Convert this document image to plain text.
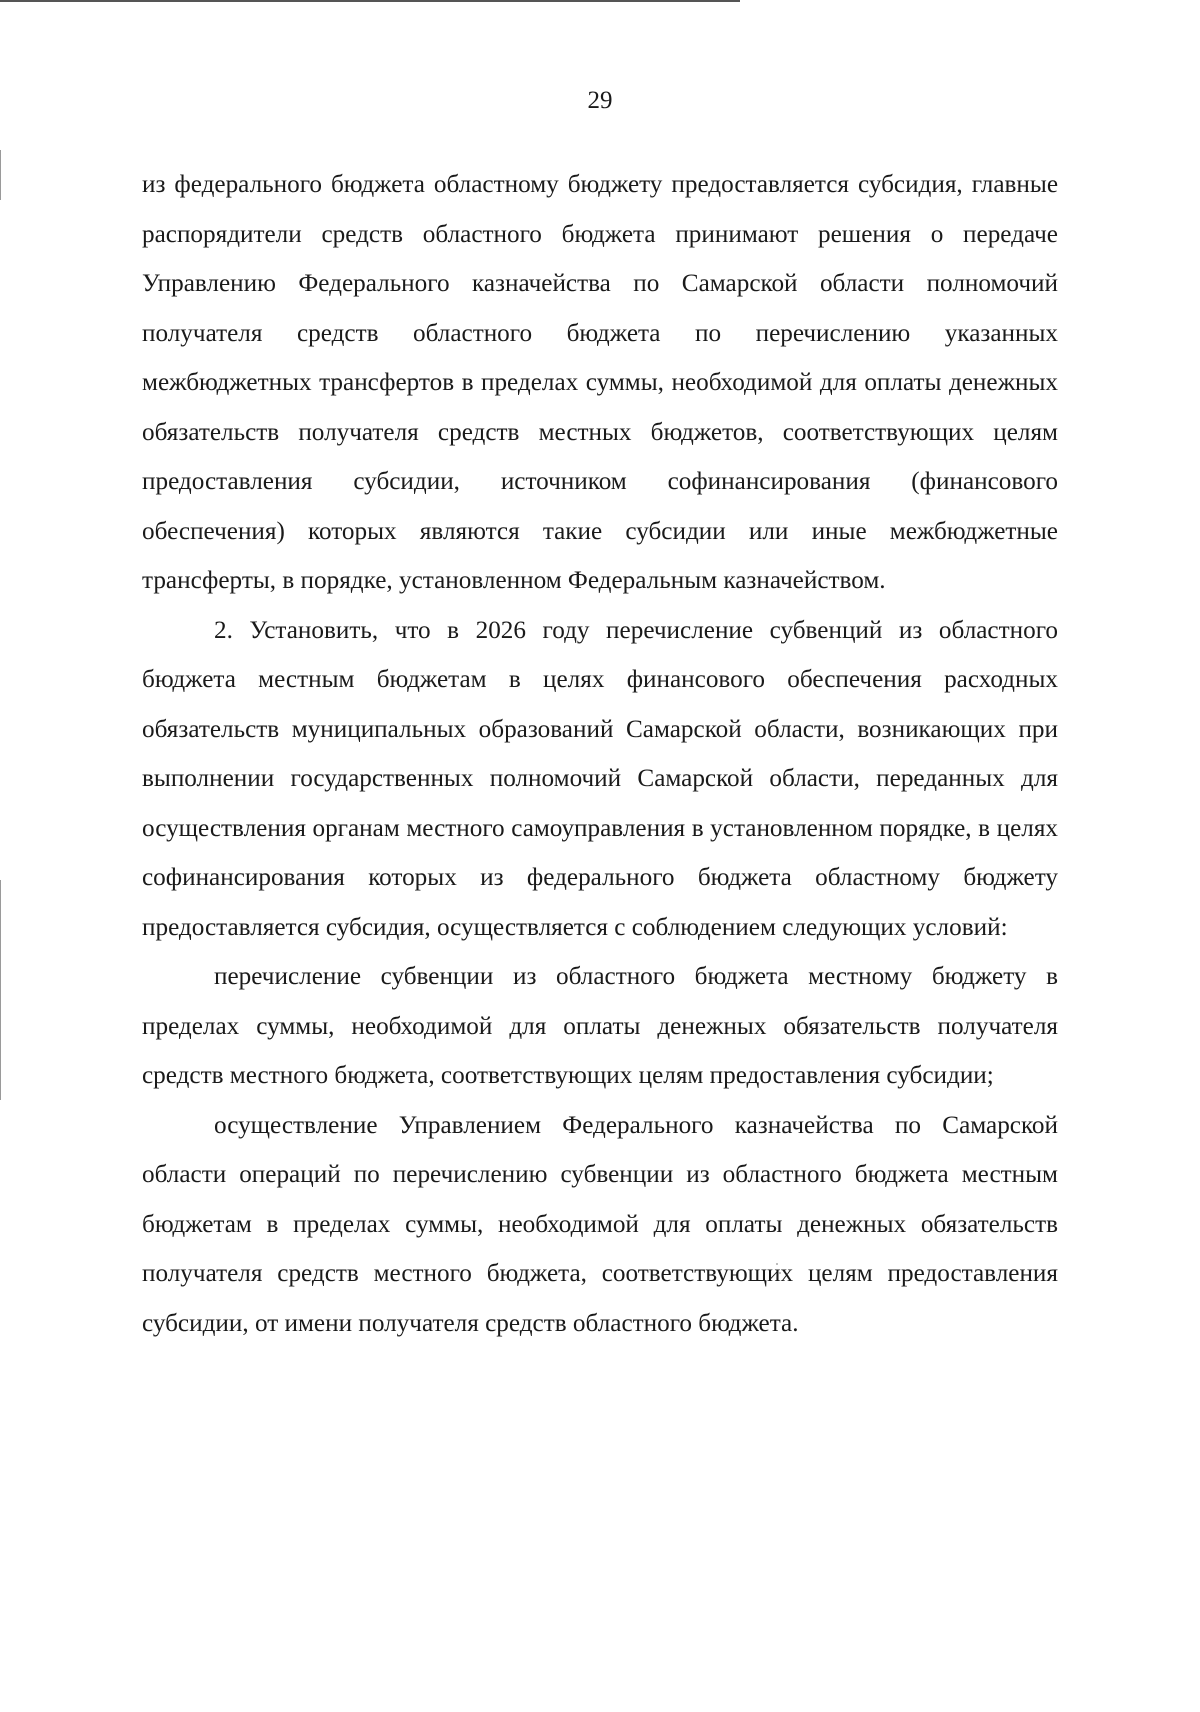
29

из федерального бюджета областному бюджету предоставляется субсидия, главные распорядители средств областного бюджета принимают решения о передаче Управлению Федерального казначейства по Самарской области полномочий получателя средств областного бюджета по перечислению указанных межбюджетных трансфертов в пределах суммы, необходимой для оплаты денежных обязательств получателя средств местных бюджетов, соответствующих целям предоставления субсидии, источником софинансирования (финансового обеспечения) которых являются такие субсидии или иные межбюджетные трансферты, в порядке, установленном Федеральным казначейством.

2. Установить, что в 2026 году перечисление субвенций из областного бюджета местным бюджетам в целях финансового обеспечения расходных обязательств муниципальных образований Самарской области, возникающих при выполнении государственных полномочий Самарской области, переданных для осуществления органам местного самоуправления в установленном порядке, в целях софинансирования которых из федерального бюджета областному бюджету предоставляется субсидия, осуществляется с соблюдением следующих условий:

перечисление субвенции из областного бюджета местному бюджету в пределах суммы, необходимой для оплаты денежных обязательств получателя средств местного бюджета, соответствующих целям предоставления субсидии;

осуществление Управлением Федерального казначейства по Самарской области операций по перечислению субвенции из областного бюджета местным бюджетам в пределах суммы, необходимой для оплаты денежных обязательств получателя средств местного бюджета, соответствующих целям предоставления субсидии, от имени получателя средств областного бюджета.
